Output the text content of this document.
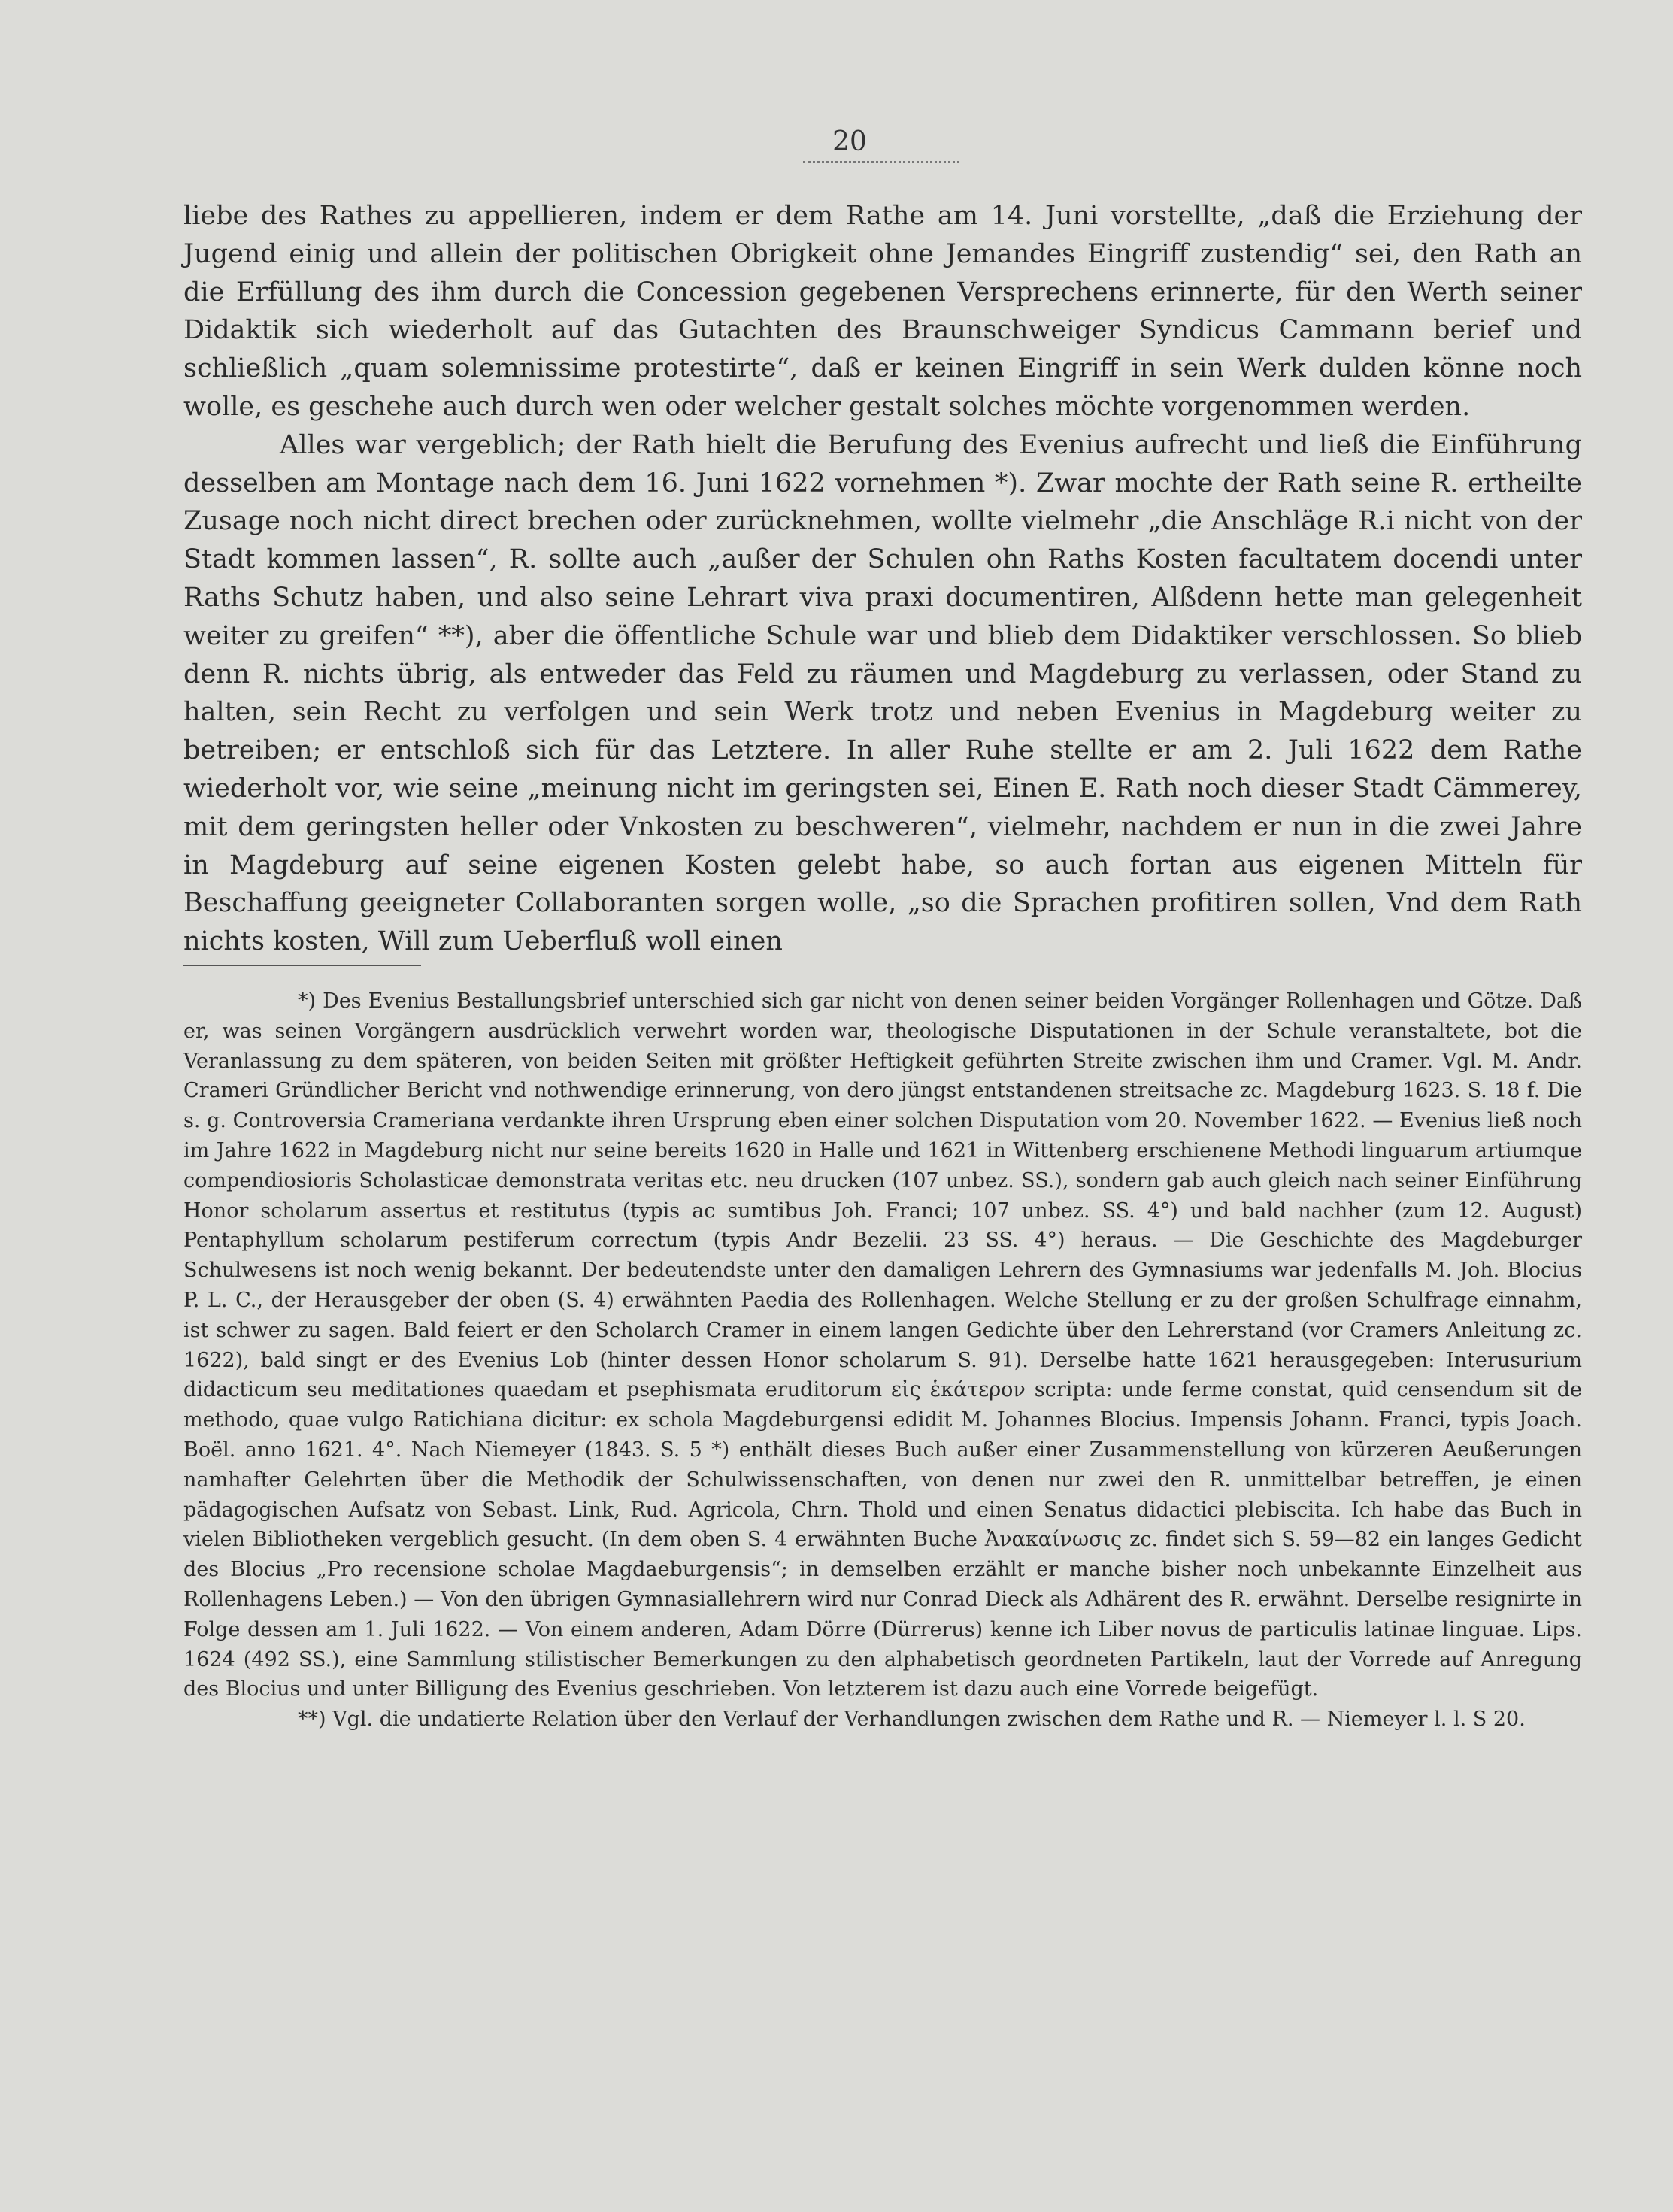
20

liebe des Rathes zu appellieren, indem er dem Rathe am 14. Juni vorstellte, „daß die Erziehung der Jugend einig und allein der politischen Obrigkeit ohne Jemandes Eingriff zustendig“ sei, den Rath an die Erfüllung des ihm durch die Concession gegebenen Versprechens erinnerte, für den Werth seiner Didaktik sich wiederholt auf das Gutachten des Braunschweiger Syndicus Cammann berief und schließlich „quam solemnissime protestirte“, daß er keinen Eingriff in sein Werk dulden könne noch wolle, es geschehe auch durch wen oder welcher gestalt solches möchte vorgenommen werden.

Alles war vergeblich; der Rath hielt die Berufung des Evenius aufrecht und ließ die Einführung desselben am Montage nach dem 16. Juni 1622 vornehmen *). Zwar mochte der Rath seine R. ertheilte Zusage noch nicht direct brechen oder zurücknehmen, wollte vielmehr „die Anschläge R.i nicht von der Stadt kommen lassen“, R. sollte auch „außer der Schulen ohn Raths Kosten facultatem docendi unter Raths Schutz haben, und also seine Lehrart viva praxi documentiren, Alßdenn hette man gelegenheit weiter zu greifen“ **), aber die öffentliche Schule war und blieb dem Didaktiker verschlossen. So blieb denn R. nichts übrig, als entweder das Feld zu räumen und Magdeburg zu verlassen, oder Stand zu halten, sein Recht zu verfolgen und sein Werk trotz und neben Evenius in Magdeburg weiter zu betreiben; er entschloß sich für das Letztere. In aller Ruhe stellte er am 2. Juli 1622 dem Rathe wiederholt vor, wie seine „meinung nicht im geringsten sei, Einen E. Rath noch dieser Stadt Cämmerey, mit dem geringsten heller oder Vnkosten zu beschweren“, vielmehr, nachdem er nun in die zwei Jahre in Magdeburg auf seine eigenen Kosten gelebt habe, so auch fortan aus eigenen Mitteln für Beschaffung geeigneter Collaboranten sorgen wolle, „so die Sprachen profitiren sollen, Vnd dem Rath nichts kosten, Will zum Ueberfluß woll einen

*) Des Evenius Bestallungsbrief unterschied sich gar nicht von denen seiner beiden Vorgänger Rollenhagen und Götze. Daß er, was seinen Vorgängern ausdrücklich verwehrt worden war, theologische Disputationen in der Schule veranstaltete, bot die Veranlassung zu dem späteren, von beiden Seiten mit größter Heftigkeit geführten Streite zwischen ihm und Cramer. Vgl. M. Andr. Crameri Gründlicher Bericht vnd nothwendige erinnerung, von dero jüngst entstandenen streitsache zc. Magdeburg 1623. S. 18 f. Die s. g. Controversia Crameriana verdankte ihren Ursprung eben einer solchen Disputation vom 20. November 1622. — Evenius ließ noch im Jahre 1622 in Magdeburg nicht nur seine bereits 1620 in Halle und 1621 in Wittenberg erschienene Methodi linguarum artiumque compendiosioris Scholasticae demonstrata veritas etc. neu drucken (107 unbez. SS.), sondern gab auch gleich nach seiner Einführung Honor scholarum assertus et restitutus (typis ac sumtibus Joh. Franci; 107 unbez. SS. 4°) und bald nachher (zum 12. August) Pentaphyllum scholarum pestiferum correctum (typis Andr Bezelii. 23 SS. 4°) heraus. — Die Geschichte des Magdeburger Schulwesens ist noch wenig bekannt. Der bedeutendste unter den damaligen Lehrern des Gymnasiums war jedenfalls M. Joh. Blocius P. L. C., der Herausgeber der oben (S. 4) erwähnten Paedia des Rollenhagen. Welche Stellung er zu der großen Schulfrage einnahm, ist schwer zu sagen. Bald feiert er den Scholarch Cramer in einem langen Gedichte über den Lehrerstand (vor Cramers Anleitung zc. 1622), bald singt er des Evenius Lob (hinter dessen Honor scholarum S. 91). Derselbe hatte 1621 herausgegeben: Interusurium didacticum seu meditationes quaedam et psephismata eruditorum εἰς ἑκάτερον scripta: unde ferme constat, quid censendum sit de methodo, quae vulgo Ratichiana dicitur: ex schola Magdeburgensi edidit M. Johannes Blocius. Impensis Johann. Franci, typis Joach. Boël. anno 1621. 4°. Nach Niemeyer (1843. S. 5 *) enthält dieses Buch außer einer Zusammenstellung von kürzeren Aeußerungen namhafter Gelehrten über die Methodik der Schulwissenschaften, von denen nur zwei den R. unmittelbar betreffen, je einen pädagogischen Aufsatz von Sebast. Link, Rud. Agricola, Chrn. Thold und einen Senatus didactici plebiscita. Ich habe das Buch in vielen Bibliotheken vergeblich gesucht. (In dem oben S. 4 erwähnten Buche Ἀνακαίνωσις zc. findet sich S. 59—82 ein langes Gedicht des Blocius „Pro recensione scholae Magdaeburgensis“; in demselben erzählt er manche bisher noch unbekannte Einzelheit aus Rollenhagens Leben.) — Von den übrigen Gymnasiallehrern wird nur Conrad Dieck als Adhärent des R. erwähnt. Derselbe resignirte in Folge dessen am 1. Juli 1622. — Von einem anderen, Adam Dörre (Dürrerus) kenne ich Liber novus de particulis latinae linguae. Lips. 1624 (492 SS.), eine Sammlung stilistischer Bemerkungen zu den alphabetisch geordneten Partikeln, laut der Vorrede auf Anregung des Blocius und unter Billigung des Evenius geschrieben. Von letzterem ist dazu auch eine Vorrede beigefügt.

**) Vgl. die undatierte Relation über den Verlauf der Verhandlungen zwischen dem Rathe und R. — Niemeyer l. l. S 20.
